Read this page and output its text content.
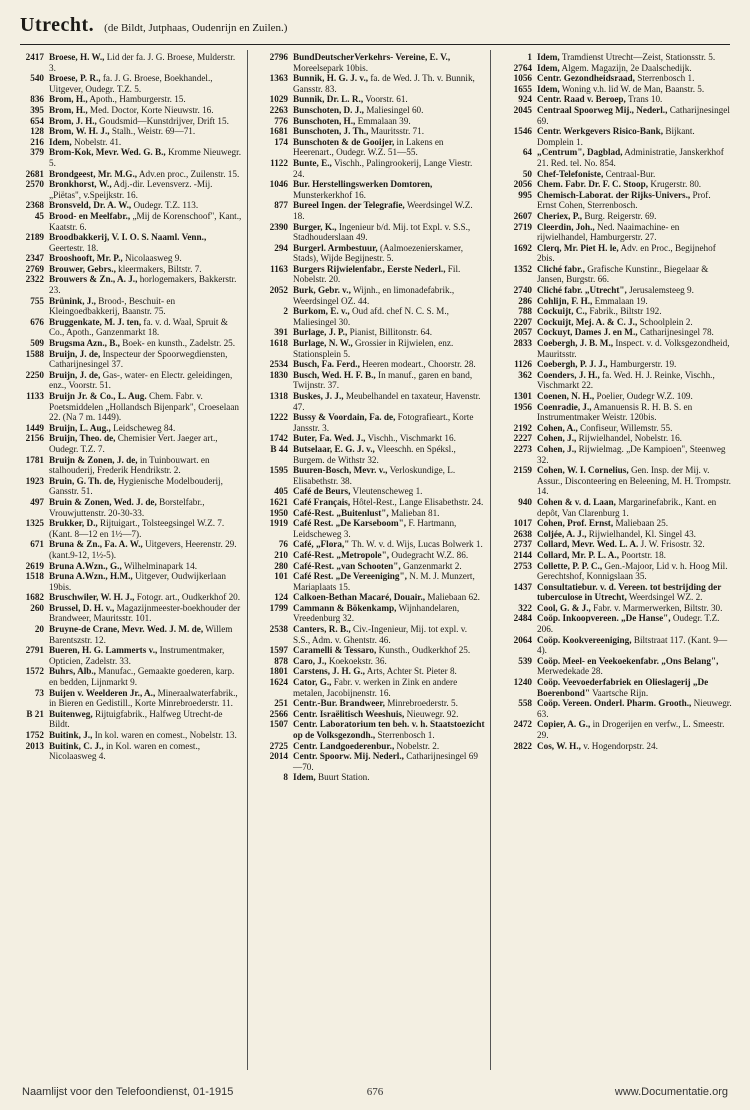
Utrecht. (de Bildt, Jutphaas, Oudenrijn en Zuilen.)
2417 Broese, H. W., Lid der fa. J. G. Broese, Mulderstr. 3.
540 Broese, P. R., fa. J. G. Broese, Boekhandel., Uitgever, Oudegr. T.Z. 5.
836 Brom, H., Apoth., Hamburgerstr. 15.
395 Brom, H., Med. Doctor, Korte Nieuwstr. 16.
654 Brom, J. H., Goudsmid—Kunstdrijver, Drift 15.
128 Brom, W. H. J., Stalh., Weistr. 69—71.
216 Idem, Nobelstr. 41.
379 Brom-Kok, Mevr. Wed. G. B., Kromme Nieuwegr. 5.
2681 Brondgeest, Mr. M.G., Adv.en proc., Zuilenstr. 15.
2570 Bronkhorst, W., Adj.-dir. Levensverz. -Mij. „Piëtas", v.Speijkstr. 16.
2368 Bronsveld, Dr. A. W., Oudegr. T.Z. 113.
45 Brood- en Meelfabr., „Mij de Korenschoof", Kant., Kaatstr. 6.
2189 Broodbakkerij, V. I. O. S. Naaml. Venn., Geertestr. 18.
2347 Brooshooft, Mr. P., Nicolaasweg 9.
2769 Brouwer, Gebrs., kleermakers, Biltstr. 7.
2322 Brouwers & Zn., A. J., horlogemakers, Bakkerstr. 23.
755 Brünink, J., Brood-, Beschuit- en Kleingoedbakkerij, Baanstr. 75.
676 Bruggenkate, M. J. ten, fa. v. d. Waal, Spruit & Co., Apoth., Ganzenmarkt 18.
509 Brugsma Azn., B., Boek- en kunsth., Zadelstr. 25.
1588 Bruijn, J. de, Inspecteur der Spoorwegdiensten, Catharijnesingel 37.
2250 Bruijn, J. de, Gas-, water- en Electr. geleidingen, enz., Voorstr. 51.
1133 Bruijn Jr. & Co., L. Aug. Chem. Fabr. v. Poetsmiddelen „Hollandsch Bijenpark", Croeselaan 22. (Na 7 m. 1449).
1449 Bruijn, L. Aug., Leidscheweg 84.
2156 Bruijn, Theo. de, Chemisier Vert. Jaeger art., Oudegr. T.Z. 7.
1781 Bruijn & Zonen, J. de, in Tuinbouwart. en stalhouderij, Frederik Hendrikstr. 2.
1923 Bruin, G. Th. de, Hygienische Modelbouderij, Gansstr. 51.
497 Bruin & Zonen, Wed. J. de, Borstelfabr., Vrouwjuttenstr. 20-30-33.
1325 Brukker, D., Rijtuigart., Tolsteegsingel W.Z. 7. (Kant. 8—12 en 1½—7).
671 Bruna & Zn., Fa. A. W., Uitgevers, Heerenstr. 29. (kant.9-12, 1½-5).
2619 Bruna A.Wzn., G., Wilhelminapark 14.
1518 Bruna A.Wzn., H.M., Uitgever, Oudwijkerlaan 19bis.
1682 Bruschwiler, W. H. J., Fotogr. art., Oudkerkhof 20.
260 Brussel, D. H. v., Magazijnmeester-boekhouder der Brandweer, Mauritsstr. 101.
20 Bruyne-de Crane, Mevr. Wed. J. M. de, Willem Barentszstr. 12.
2791 Bueren, H. G. Lammerts v., Instrumentmaker, Opticien, Zadelstr. 33.
1572 Buhrs, Alb., Manufac., Gemaakte goederen, karp. en bedden, Lijnmarkt 9.
73 Buijen v. Weelderen Jr., A., Mineraalwaterfabrik., in Bieren en Gedistill., Korte Minrebroederstr. 11.
B 21 Buitenweg, Rijtuigfabrik., Halfweg Utrecht-de Bildt.
1752 Buitink, J., In kol. waren en comest., Nobelstr. 13.
2013 Buitink, C. J., in Kol. waren en comest., Nicolaasweg 4.
2796 BundDeutscherVerkehrs- Vereine, E. V., Moreelsepark 10bis.
1363 Bunnik, H. G. J. v., fa. de Wed. J. Th. v. Bunnik, Gansstr. 83.
1029 Bunnik, Dr. L. R., Voorstr. 61.
2263 Bunschoten, D. J., Maliesingel 60.
776 Bunschoten, H., Emmalaan 39.
1681 Bunschoten, J. Th., Mauritsstr. 71.
174 Bunschoten & de Gooijer, in Lakens en Heerenart., Oudegr. W.Z. 51—55.
1122 Bunte, E., Vischh., Palingrookerij, Lange Viestr. 24.
1046 Bur. Herstellingswerken Domtoren, Munsterkerkhof 16.
877 Bureel Ingen. der Telegrafie, Weerdsingel W.Z. 18.
2390 Burger, K., Ingenieur b/d. Mij. tot Expl. v. S.S., Stadhouderslaan 49.
294 Burgerl. Armbestuur, (Aalmoezenierskamer, Stads), Wijde Begijnestr. 5.
1163 Burgers Rijwielenfabr., Eerste Nederl., Fil. Nobelstr. 20.
2052 Burk, Gebr. v., Wijnh., en limonadefabrik., Weerdsingel OZ. 44.
2 Burkom, E. v., Oud afd. chef N. C. S. M., Maliesingel 30.
391 Burlage, J. P., Pianist, Billitonstr. 64.
1618 Burlage, N. W., Grossier in Rijwielen, enz. Stationsplein 5.
2534 Busch, Fa. Ferd., Heeren modeart., Choorstr. 28.
1830 Busch, Wed. H. F. B., In manuf., garen en band, Twijnstr. 37.
1318 Buskes, J. J., Meubelhandel en taxateur, Havenstr. 47.
1222 Bussy & Voordain, Fa. de, Fotografieart., Korte Jansstr. 3.
1742 Buter, Fa. Wed. J., Vischh., Vischmarkt 16.
B 44 Butselaar, E. G. J. v., Vleeschh. en Spéksl., Burgem. de Withstr 32.
1595 Buuren-Bosch, Mevr. v., Verloskundige, L. Elisabethstr. 38.
405 Café de Beurs, Vleutenscheweg 1.
1621 Café Français, Hôtel-Rest., Lange Elisabethstr. 24.
1950 Café-Rest. „Buitenlust", Malieban 81.
1919 Café Rest. „De Karseboom", F. Hartmann, Leidscheweg 3.
76 Café, „Flora," Th. W. v. d. Wijs, Lucas Bolwerk 1.
210 Café-Rest. „Metropole", Oudegracht W.Z. 86.
280 Café-Rest. „van Schooten", Ganzenmarkt 2.
101 Café Rest. „De Vereeniging", N. M. J. Munzert, Mariaplaats 15.
124 Calkoen-Bethan Macaré, Douair., Maliebaan 62.
1799 Cammann & Bökenkamp, Wijnhandelaren, Vreedenburg 32.
2538 Canters, R. B., Civ.-Ingenieur, Mij. tot expl. v. S.S., Adm. v. Ghentstr. 46.
1597 Caramelli & Tessaro, Kunsth., Oudkerkhof 25.
878 Caro, J., Koekoekstr. 36.
1801 Carstens, J. H. G., Arts, Achter St. Pieter 8.
1624 Cator, G., Fabr. v. werken in Zink en andere metalen, Jacobijnenstr. 16.
251 Centr.-Bur. Brandweer, Minrebroederstr. 5.
2566 Centr. Israëlitisch Weeshuis, Nieuwegr. 92.
1507 Centr. Laboratorium ten beh. v. h. Staatstoezicht op de Volksgezondh., Sterrenbosch 1.
2725 Centr. Landgoederenbur., Nobelstr. 2.
2014 Centr. Spoorw. Mij. Nederl., Catharijnesingel 69—70.
8 Idem, Buurt Station.
1 Idem, Tramdienst Utrecht—Zeist, Stationsstr. 5.
2764 Idem, Algem. Magazijn, 2e Daalschedijk.
1056 Centr. Gezondheidsraad, Sterrenbosch 1.
1655 Idem, Woning v.h. lid W. de Man, Baanstr. 5.
924 Centr. Raad v. Beroep, Trans 10.
2045 Centraal Spoorweg Mij., Nederl., Catharijnesingel 69.
1546 Centr. Werkgevers Risico-Bank, Bijkant. Domplein 1.
64 „Centrum", Dagblad, Administratie, Janskerkhof 21. Red. tel. No. 854.
50 Chef-Telefoniste, Centraal-Bur.
2056 Chem. Fabr. Dr. F. C. Stoop, Krugerstr. 80.
995 Chemisch-Laborat. der Rijks-Univers., Prof. Ernst Cohen, Sterrenbosch.
2607 Cheriex, P., Burg. Reigerstr. 69.
2719 Cleerdin, Joh., Ned. Naaimachine- en rijwielhandel, Hamburgerstr. 27.
1692 Clerq, Mr. Piet H. le, Adv. en Proc., Begijnehof 2bis.
1352 Cliché fabr., Grafische Kunstinr., Biegelaar & Jansen, Burgstr. 66.
2740 Cliché fabr. „Utrecht", Jerusalemsteeg 9.
286 Cohlijn, F. H., Emmalaan 19.
788 Cockuijt, C., Fabrik., Biltstr 192.
2207 Cockuijt, Mej. A. & C. J., Schoolplein 2.
2057 Cockuyt, Dames J. en M., Catharijnesingel 78.
2833 Coebergh, J. B. M., Inspect. v. d. Volksgezondheid, Mauritsstr.
1126 Coebergh, P. J. J., Hamburgerstr. 19.
362 Coenders, J. H., fa. Wed. H. J. Reinke, Vischh., Vischmarkt 22.
1301 Coenen, N. H., Poelier, Oudegr W.Z. 109.
1956 Coenradie, J., Amanuensis R. H. B. S. en Instrumentmaker Weistr. 120bis.
2192 Cohen, A., Confiseur, Willemstr. 55.
2227 Cohen, J., Rijwielhandel, Nobelstr. 16.
2273 Cohen, J., Rijwielmag. „De Kampioen", Steenweg 32.
2159 Cohen, W. I. Cornelius, Gen. Insp. der Mij. v. Assur., Disconteering en Beleening, M. H. Trompstr. 14.
940 Cohen & v. d. Laan, Margarinefabrik., Kant. en depôt, Van Clarenburg 1.
1017 Cohen, Prof. Ernst, Maliebaan 25.
2638 Coljée, A. J., Rijwielhandel, Kl. Singel 43.
2737 Collard, Mevr. Wed. L. A. J. W. Frisostr. 32.
2144 Collard, Mr. P. L. A., Poortstr. 18.
2753 Collette, P. P. C., Gen.-Majoor, Lid v. h. Hoog Mil. Gerechtshof, Konnigslaan 35.
1437 Consultatiebur. v. d. Vereen. tot bestrijding der tuberculose in Utrecht, Weerdsingel WZ. 2.
322 Cool, G. & J., Fabr. v. Marmerwerken, Biltstr. 30.
2484 Coöp. Inkoopvereen. „De Hanse", Oudegr. T.Z. 206.
2064 Coöp. Kookvereeniging, Biltstraat 117. (Kant. 9—4).
539 Coöp. Meel- en Veekoekenfabr. „Ons Belang", Merwedekade 28.
1240 Coöp. Veevoederfabriek en Olieslagerij „De Boerenbond" Vaartsche Rijn.
558 Coöp. Vereen. Onderl. Pharm. Grooth., Nieuwegr. 63.
2472 Copier, A. G., in Drogerijen en verfw., L. Smeestr. 29.
2822 Cos, W. H., v. Hogendorpstr. 24.
Naamlijst voor den Telefoondienst, 01-1915	676	www.Documentatie.org
